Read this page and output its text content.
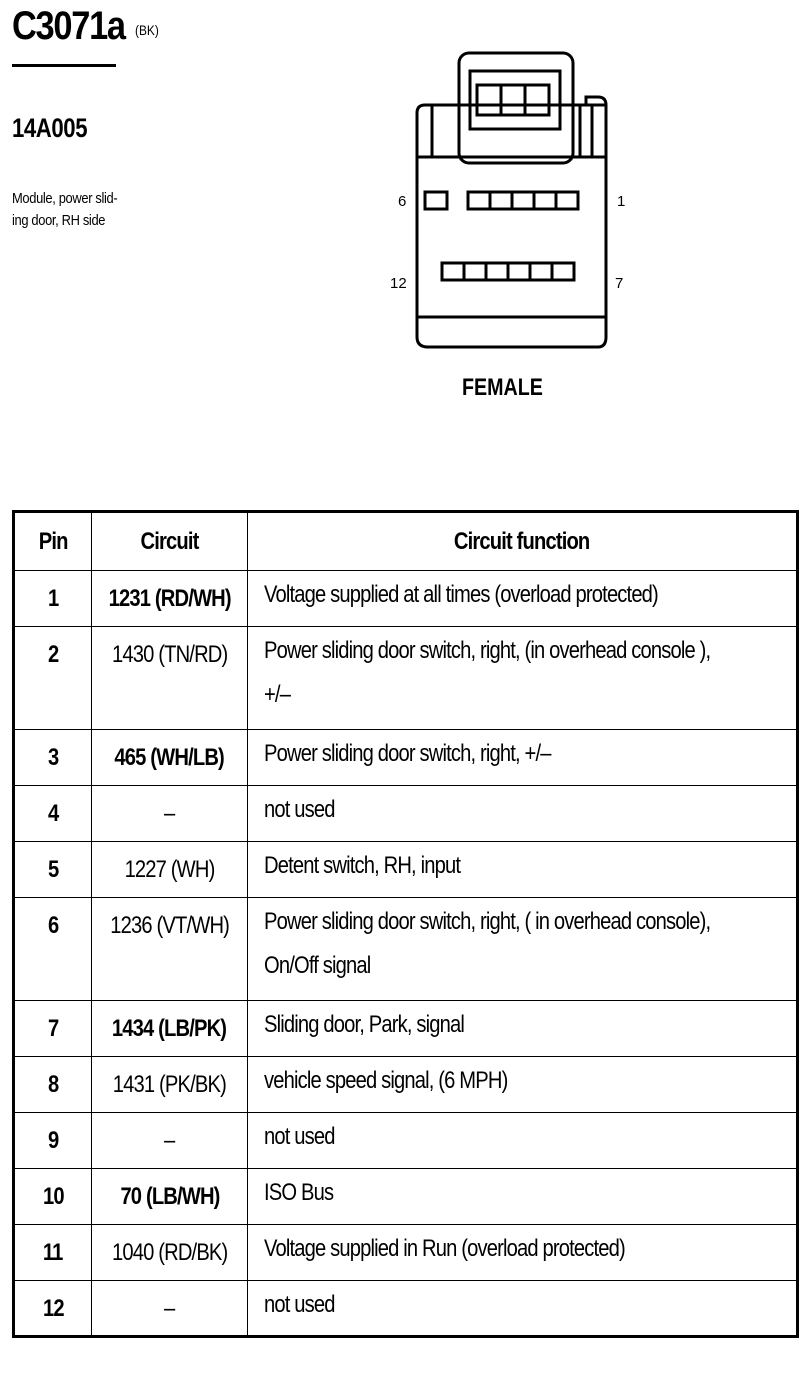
C3071a (BK)
14A005
Module, power slid-
ing door, RH side
6	1
12	7
FEMALE
Pin	Circuit	Circuit function
1	1231 (RD/WH)	Voltage supplied at all times (overload protected)
2	1430 (TN/RD)	Power sliding door switch, right, (in overhead console ),
+/–
3	465 (WH/LB)	Power sliding door switch, right, +/–
4	–	not used
5	1227 (WH)	Detent switch, RH, input
6	1236 (VT/WH)	Power sliding door switch, right, ( in overhead console),
On/Off signal
7	1434 (LB/PK)	Sliding door, Park, signal
8	1431 (PK/BK)	vehicle speed signal, (6 MPH)
9	–	not used
10	70 (LB/WH)	ISO Bus
11	1040 (RD/BK)	Voltage supplied in Run (overload protected)
12	–	not used
